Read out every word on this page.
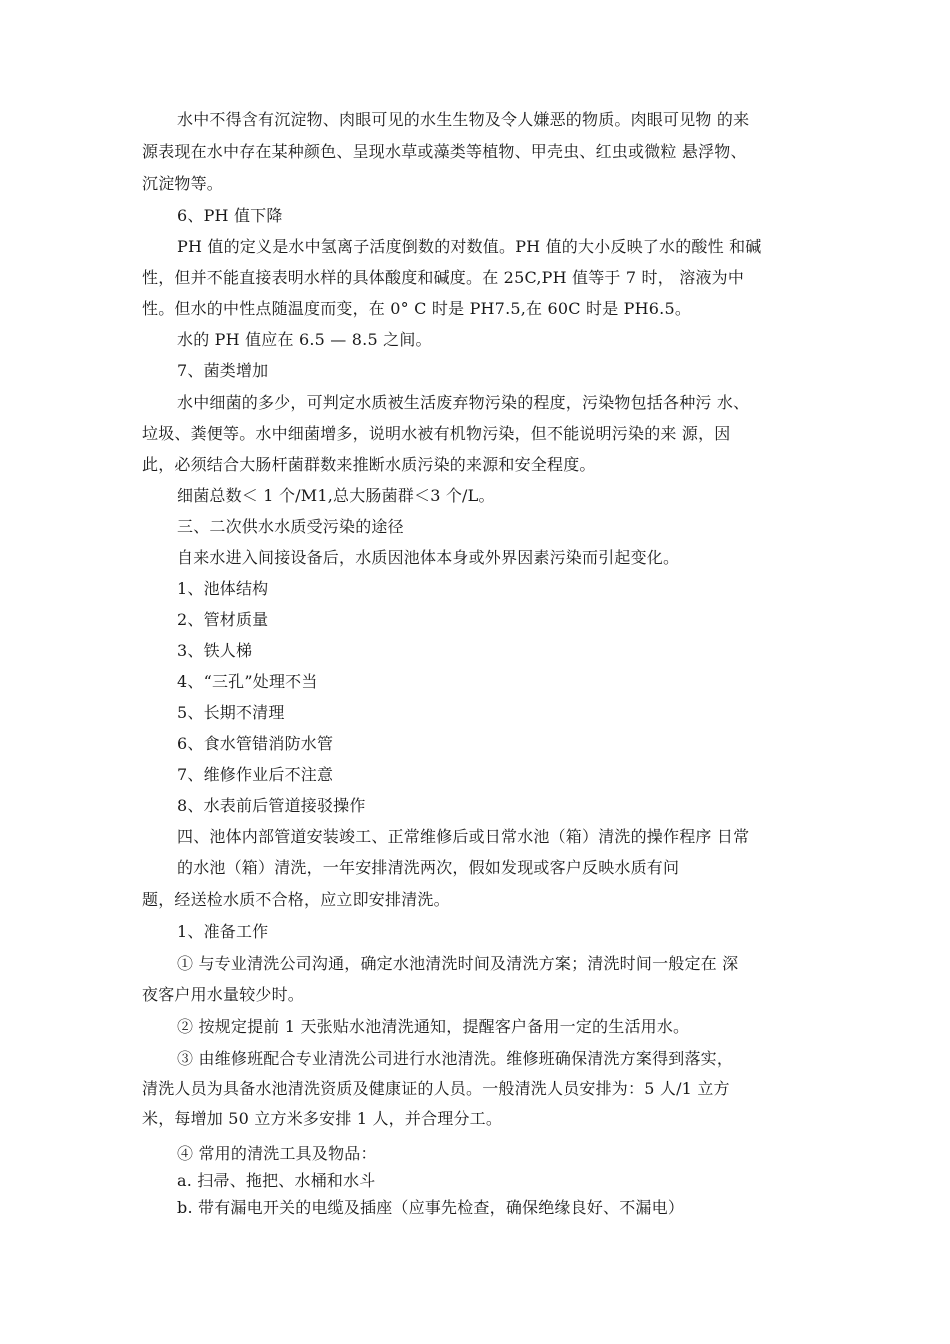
水中不得含有沉淀物、肉眼可见的水生生物及令人嫌恶的物质。肉眼可见物 的来
源表现在水中存在某种颜色、呈现水草或藻类等植物、甲壳虫、红虫或微粒 悬浮物、
沉淀物等。
6、PH 值下降
PH 值的定义是水中氢离子活度倒数的对数值。PH 值的大小反映了水的酸性 和碱
性，但并不能直接表明水样的具体酸度和碱度。在 25C,PH 值等于 7 时， 溶液为中
性。但水的中性点随温度而变，在 0° C 时是 PH7.5,在 60C 时是 PH6.5。
水的 PH 值应在 6.5 — 8.5 之间。
7、菌类增加
水中细菌的多少，可判定水质被生活废弃物污染的程度，污染物包括各种污 水、
垃圾、粪便等。水中细菌增多，说明水被有机物污染，但不能说明污染的来 源，因
此，必须结合大肠杆菌群数来推断水质污染的来源和安全程度。
细菌总数＜ 1 个/M1,总大肠菌群＜3 个/L。
三、二次供水水质受污染的途径
自来水进入间接设备后，水质因池体本身或外界因素污染而引起变化。
1、池体结构
2、管材质量
3、铁人梯
4、“三孔”处理不当
5、长期不清理
6、食水管错消防水管
7、维修作业后不注意
8、水表前后管道接驳操作
四、池体内部管道安装竣工、正常维修后或日常水池（箱）清洗的操作程序 日常
的水池（箱）清洗，一年安排清洗两次，假如发现或客户反映水质有问
题，经送检水质不合格，应立即安排清洗。
1、准备工作
① 与专业清洗公司沟通，确定水池清洗时间及清洗方案；清洗时间一般定在 深
夜客户用水量较少时。
② 按规定提前 1 天张贴水池清洗通知，提醒客户备用一定的生活用水。
③ 由维修班配合专业清洗公司进行水池清洗。维修班确保清洗方案得到落实，
清洗人员为具备水池清洗资质及健康证的人员。一般清洗人员安排为：5 人/1 立方
米，每增加 50 立方米多安排 1 人，并合理分工。
④ 常用的清洗工具及物品：
a. 扫帚、拖把、水桶和水斗
b. 带有漏电开关的电缆及插座（应事先检查，确保绝缘良好、不漏电）
